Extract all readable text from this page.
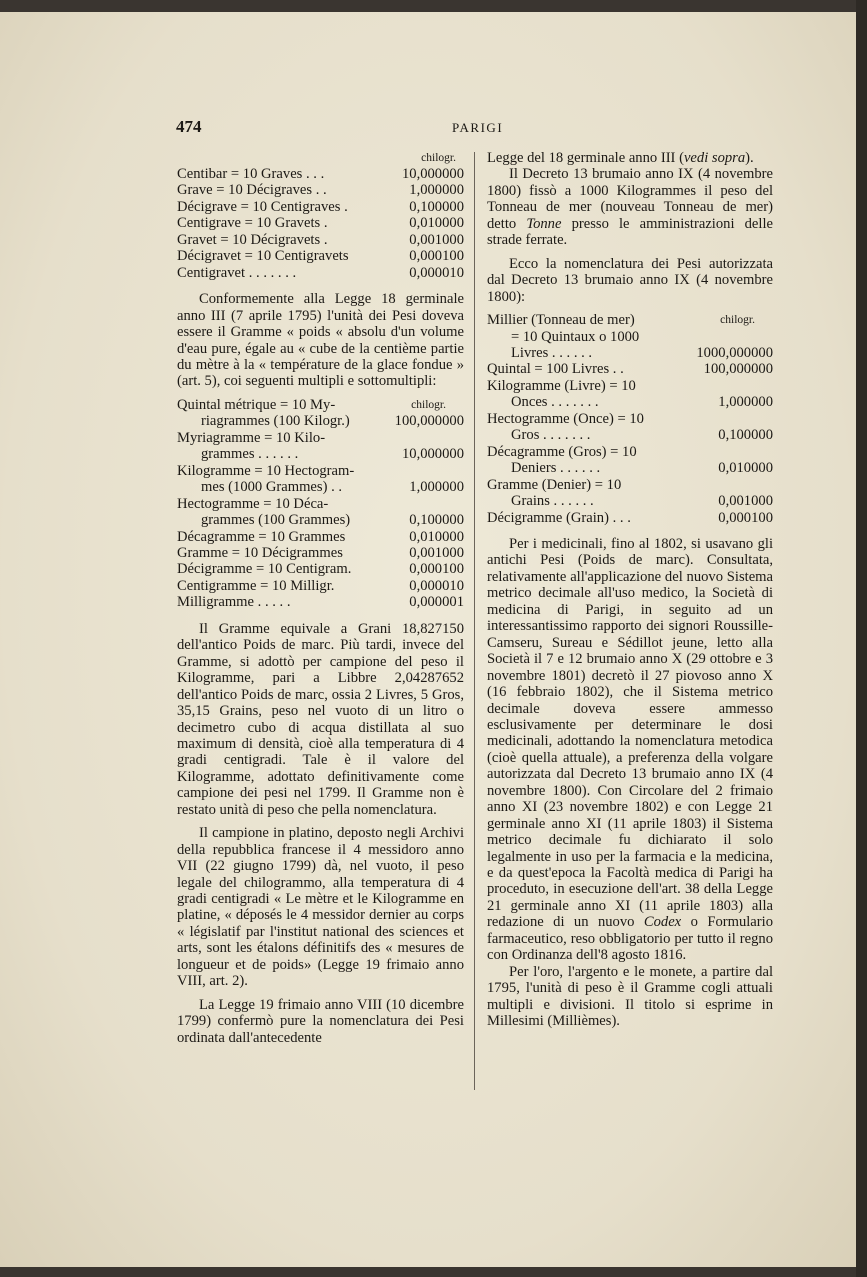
474	PARIGI
chilogr.
Centibar = 10 Graves . . .	10,000000
Grave = 10 Décigraves . .	1,000000
Décigrave = 10 Centigraves .	0,100000
Centigrave = 10 Gravets .	0,010000
Gravet = 10 Décigravets .	0,001000
Décigravet = 10 Centigravets	0,000100
Centigravet . . . . . . .	0,000010

Conformemente alla Legge 18 germinale anno III (7 aprile 1795) l'unità dei Pesi doveva essere il Gramme « poids « absolu d'un volume d'eau pure, égale au « cube de la centième partie du mètre à la « température de la glace fondue » (art. 5), coi seguenti multipli e sottomultipli:

Quintal métrique = 10 My-	chilogr.
riagrammes (100 Kilogr.)	100,000000
Myriagramme = 10 Kilo-
grammes . . . . . .	10,000000
Kilogramme = 10 Hectogram-
mes (1000 Grammes) . .	1,000000
Hectogramme = 10 Déca-
grammes (100 Grammes)	0,100000
Décagramme = 10 Grammes	0,010000
Gramme = 10 Décigrammes	0,001000
Décigramme = 10 Centigram.	0,000100
Centigramme = 10 Milligr.	0,000010
Milligramme . . . . .	0,000001

Il Gramme equivale a Grani 18,827150 dell'antico Poids de marc. Più tardi, invece del Gramme, si adottò per campione del peso il Kilogramme, pari a Libbre 2,04287652 dell'antico Poids de marc, ossia 2 Livres, 5 Gros, 35,15 Grains, peso nel vuoto di un litro o decimetro cubo di acqua distillata al suo maximum di densità, cioè alla temperatura di 4 gradi centigradi. Tale è il valore del Kilogramme, adottato definitivamente come campione dei pesi nel 1799. Il Gramme non è restato unità di peso che pella nomenclatura.

Il campione in platino, deposto negli Archivi della repubblica francese il 4 messidoro anno VII (22 giugno 1799) dà, nel vuoto, il peso legale del chilogrammo, alla temperatura di 4 gradi centigradi « Le mètre et le Kilogramme en platine, « déposés le 4 messidor dernier au corps « législatif par l'institut national des sciences et arts, sont les étalons définitifs des « mesures de longueur et de poids» (Legge 19 frimaio anno VIII, art. 2).

La Legge 19 frimaio anno VIII (10 dicembre 1799) confermò pure la nomenclatura dei Pesi ordinata dall'antecedente

Legge del 18 germinale anno III (vedi sopra).

Il Decreto 13 brumaio anno IX (4 novembre 1800) fissò a 1000 Kilogrammes il peso del Tonneau de mer (nouveau Tonneau de mer) detto Tonne presso le amministrazioni delle strade ferrate.

Ecco la nomenclatura dei Pesi autorizzata dal Decreto 13 brumaio anno IX (4 novembre 1800):

Millier (Tonneau de mer)	chilogr.
= 10 Quintaux o 1000
Livres . . . . . .	1000,000000
Quintal = 100 Livres . .	100,000000
Kilogramme (Livre) = 10
Onces . . . . . . .	1,000000
Hectogramme (Once) = 10
Gros . . . . . . .	0,100000
Décagramme (Gros) = 10
Deniers . . . . . .	0,010000
Gramme (Denier) = 10
Grains . . . . . .	0,001000
Décigramme (Grain) . . .	0,000100

Per i medicinali, fino al 1802, si usavano gli antichi Pesi (Poids de marc). Consultata, relativamente all'applicazione del nuovo Sistema metrico decimale all'uso medico, la Società di medicina di Parigi, in seguito ad un interessantissimo rapporto dei signori Roussille-Camseru, Sureau e Sédillot jeune, letto alla Società il 7 e 12 brumaio anno X (29 ottobre e 3 novembre 1801) decretò il 27 piovoso anno X (16 febbraio 1802), che il Sistema metrico decimale doveva essere ammesso esclusivamente per determinare le dosi medicinali, adottando la nomenclatura metodica (cioè quella attuale), a preferenza della volgare autorizzata dal Decreto 13 brumaio anno IX (4 novembre 1800). Con Circolare del 2 frimaio anno XI (23 novembre 1802) e con Legge 21 germinale anno XI (11 aprile 1803) il Sistema metrico decimale fu dichiarato il solo legalmente in uso per la farmacia e la medicina, e da quest'epoca la Facoltà medica di Parigi ha proceduto, in esecuzione dell'art. 38 della Legge 21 germinale anno XI (11 aprile 1803) alla redazione di un nuovo Codex o Formulario farmaceutico, reso obbligatorio per tutto il regno con Ordinanza dell'8 agosto 1816.

Per l'oro, l'argento e le monete, a partire dal 1795, l'unità di peso è il Gramme cogli attuali multipli e divisioni. Il titolo si esprime in Millesimi (Millièmes).
